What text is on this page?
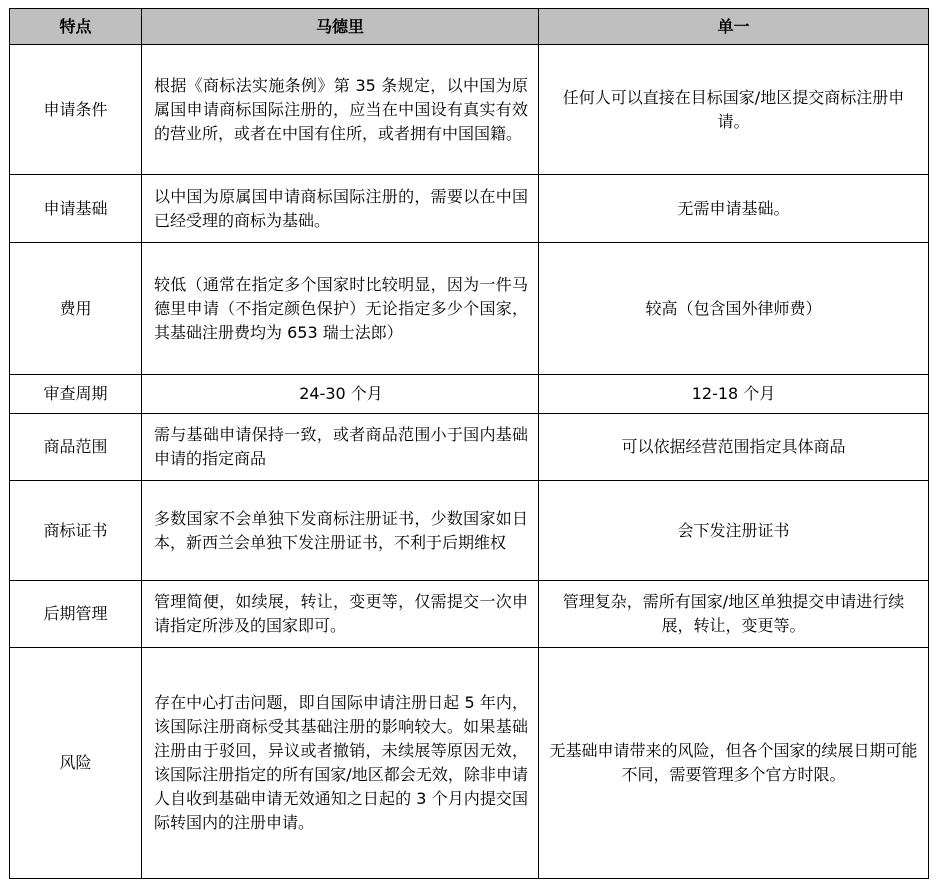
特点	马德里	单一
申请条件	根据《商标法实施条例》第 35 条规定，以中国为原属国申请商标国际注册的，应当在中国设有真实有效的营业所，或者在中国有住所，或者拥有中国国籍。	任何人可以直接在目标国家/地区提交商标注册申请。
申请基础	以中国为原属国申请商标国际注册的，需要以在中国已经受理的商标为基础。	无需申请基础。
费用	较低（通常在指定多个国家时比较明显，因为一件马德里申请（不指定颜色保护）无论指定多少个国家，其基础注册费均为 653 瑞士法郎）	较高（包含国外律师费）
审查周期	24-30 个月	12-18 个月
商品范围	需与基础申请保持一致，或者商品范围小于国内基础申请的指定商品	可以依据经营范围指定具体商品
商标证书	多数国家不会单独下发商标注册证书，少数国家如日本，新西兰会单独下发注册证书，不利于后期维权	会下发注册证书
后期管理	管理简便，如续展，转让，变更等，仅需提交一次申请指定所涉及的国家即可。	管理复杂，需所有国家/地区单独提交申请进行续展，转让，变更等。
风险	存在中心打击问题，即自国际申请注册日起 5 年内，该国际注册商标受其基础注册的影响较大。如果基础注册由于驳回，异议或者撤销，未续展等原因无效，该国际注册指定的所有国家/地区都会无效，除非申请人自收到基础申请无效通知之日起的 3 个月内提交国际转国内的注册申请。	无基础申请带来的风险，但各个国家的续展日期可能不同，需要管理多个官方时限。
